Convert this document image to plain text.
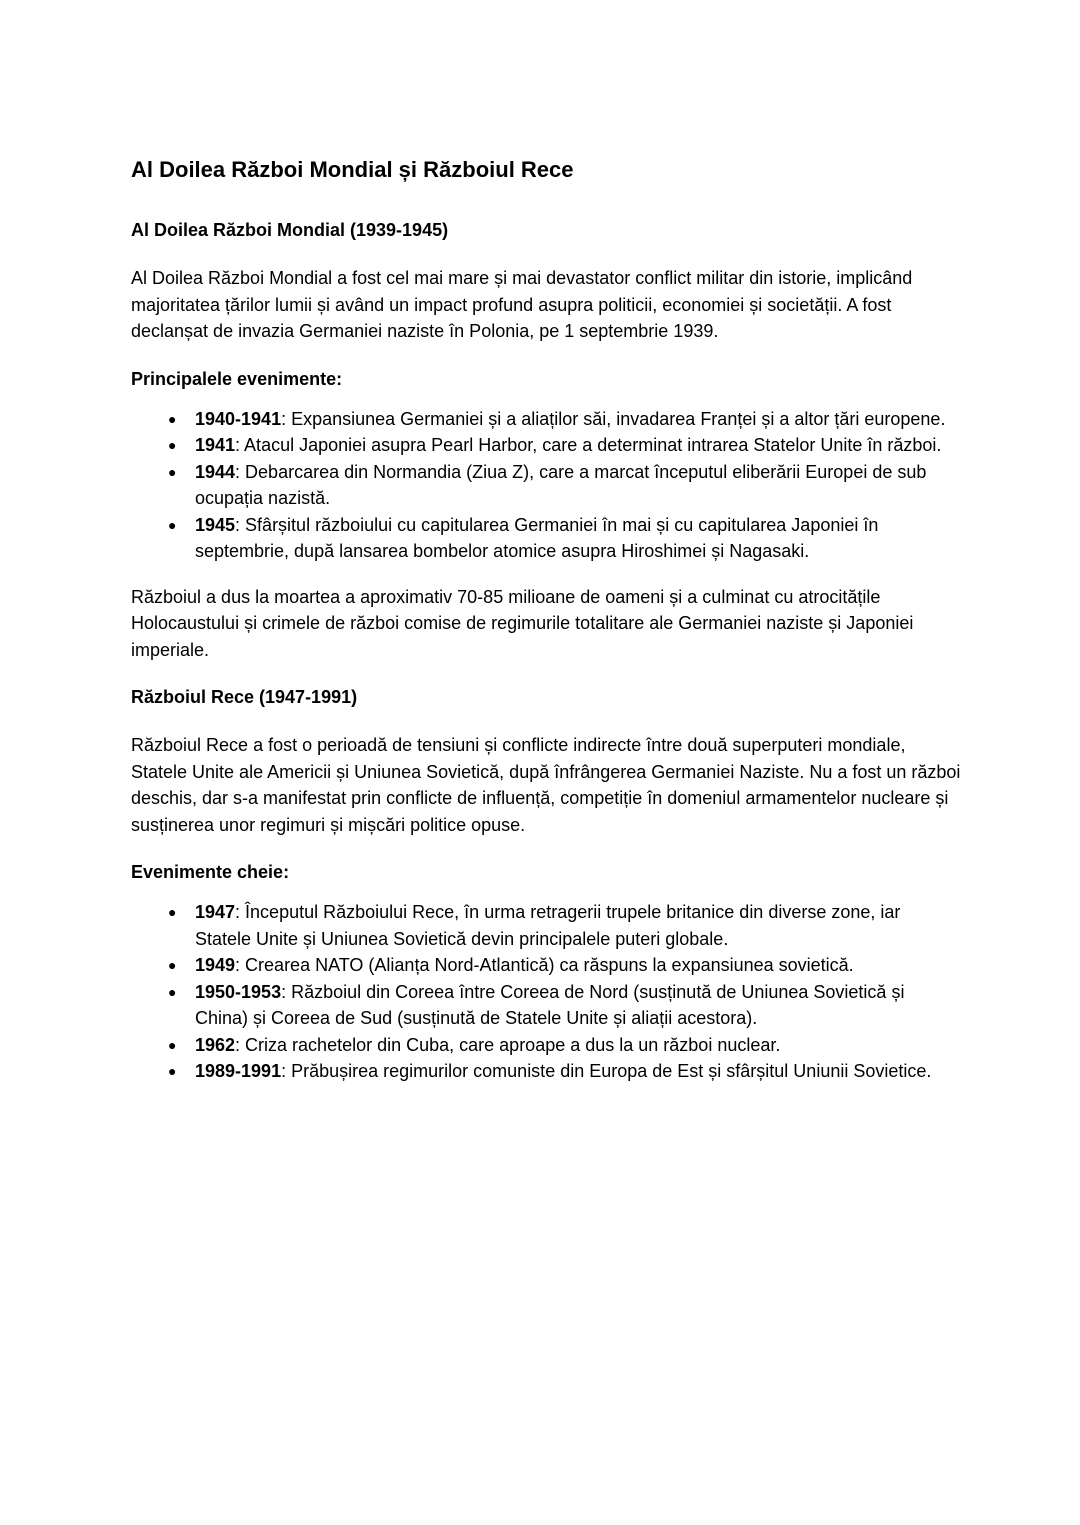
Al Doilea Război Mondial și Războiul Rece
Al Doilea Război Mondial (1939-1945)

Al Doilea Război Mondial a fost cel mai mare și mai devastator conflict militar din istorie, implicând majoritatea țărilor lumii și având un impact profund asupra politicii, economiei și societății. A fost declanșat de invazia Germaniei naziste în Polonia, pe 1 septembrie 1939.

Principalele evenimente:
● 1940-1941: Expansiunea Germaniei și a aliaților săi, invadarea Franței și a altor țări europene.
● 1941: Atacul Japoniei asupra Pearl Harbor, care a determinat intrarea Statelor Unite în război.
● 1944: Debarcarea din Normandia (Ziua Z), care a marcat începutul eliberării Europei de sub ocupația nazistă.
● 1945: Sfârșitul războiului cu capitularea Germaniei în mai și cu capitularea Japoniei în septembrie, după lansarea bombelor atomice asupra Hiroshimei și Nagasaki.

Războiul a dus la moartea a aproximativ 70-85 milioane de oameni și a culminat cu atrocitățile Holocaustului și crimele de război comise de regimurile totalitare ale Germaniei naziste și Japoniei imperiale.

Războiul Rece (1947-1991)

Războiul Rece a fost o perioadă de tensiuni și conflicte indirecte între două superputeri mondiale, Statele Unite ale Americii și Uniunea Sovietică, după înfrângerea Germaniei Naziste. Nu a fost un război deschis, dar s-a manifestat prin conflicte de influență, competiție în domeniul armamentelor nucleare și susținerea unor regimuri și mișcări politice opuse.

Evenimente cheie:
● 1947: Începutul Războiului Rece, în urma retragerii trupele britanice din diverse zone, iar Statele Unite și Uniunea Sovietică devin principalele puteri globale.
● 1949: Crearea NATO (Alianța Nord-Atlantică) ca răspuns la expansiunea sovietică.
● 1950-1953: Războiul din Coreea între Coreea de Nord (susținută de Uniunea Sovietică și China) și Coreea de Sud (susținută de Statele Unite și aliații acestora).
● 1962: Criza rachetelor din Cuba, care aproape a dus la un război nuclear.
● 1989-1991: Prăbușirea regimurilor comuniste din Europa de Est și sfârșitul Uniunii Sovietice.
